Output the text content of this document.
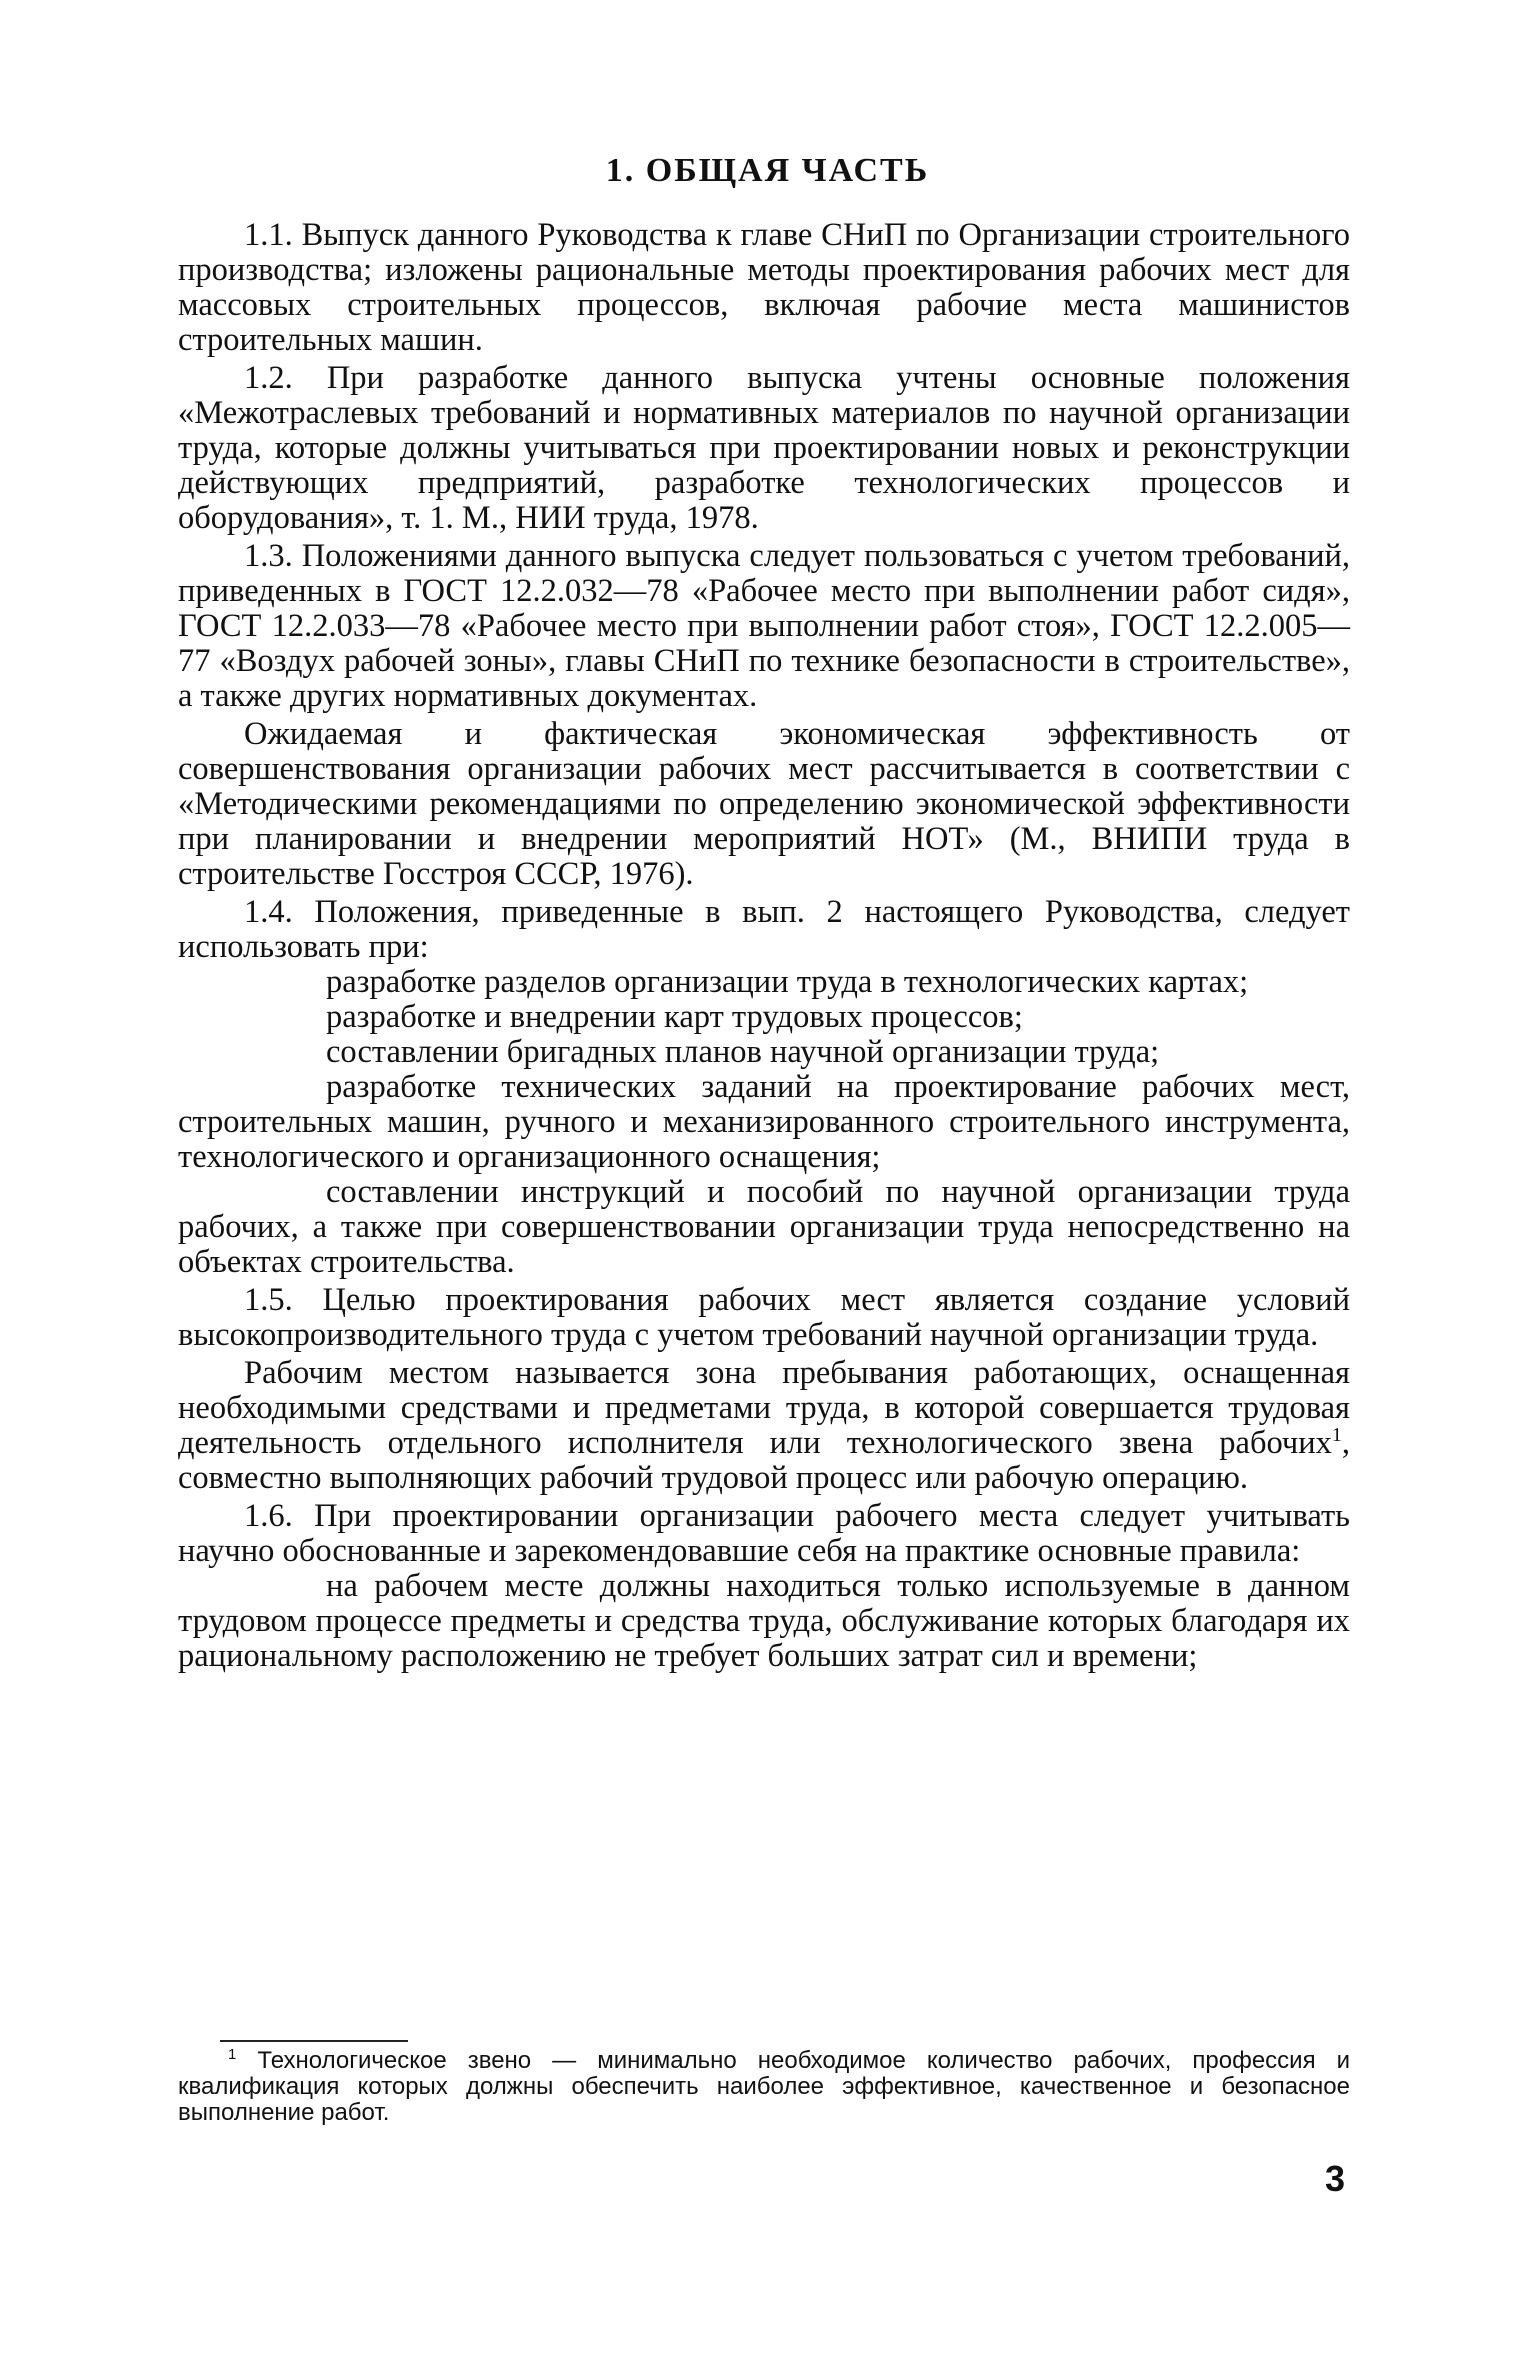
1. ОБЩАЯ ЧАСТЬ

1.1. Выпуск данного Руководства к главе СНиП по Организации строительного производства; изложены рациональные методы проектирования рабочих мест для массовых строительных процессов, включая рабочие места машинистов строительных машин.

1.2. При разработке данного выпуска учтены основные положения «Межотраслевых требований и нормативных материалов по научной организации труда, которые должны учитываться при проектировании новых и реконструкции действующих предприятий, разработке технологических процессов и оборудования», т. 1. М., НИИ труда, 1978.

1.3. Положениями данного выпуска следует пользоваться с учетом требований, приведенных в ГОСТ 12.2.032—78 «Рабочее место при выполнении работ сидя», ГОСТ 12.2.033—78 «Рабочее место при выполнении работ стоя», ГОСТ 12.2.005—77 «Воздух рабочей зоны», главы СНиП по технике безопасности в строительстве», а также других нормативных документах.

Ожидаемая и фактическая экономическая эффективность от совершенствования организации рабочих мест рассчитывается в соответствии с «Методическими рекомендациями по определению экономической эффективности при планировании и внедрении мероприятий НОТ» (М., ВНИПИ труда в строительстве Госстроя СССР, 1976).

1.4. Положения, приведенные в вып. 2 настоящего Руководства, следует использовать при:

разработке разделов организации труда в технологических картах;

разработке и внедрении карт трудовых процессов;

составлении бригадных планов научной организации труда;

разработке технических заданий на проектирование рабочих мест, строительных машин, ручного и механизированного строительного инструмента, технологического и организационного оснащения;

составлении инструкций и пособий по научной организации труда рабочих, а также при совершенствовании организации труда непосредственно на объектах строительства.

1.5. Целью проектирования рабочих мест является создание условий высокопроизводительного труда с учетом требований научной организации труда.

Рабочим местом называется зона пребывания работающих, оснащенная необходимыми средствами и предметами труда, в которой совершается трудовая деятельность отдельного исполнителя или технологического звена рабочих$^1$, совместно выполняющих рабочий трудовой процесс или рабочую операцию.

1.6. При проектировании организации рабочего места следует учитывать научно обоснованные и зарекомендовавшие себя на практике основные правила:

на рабочем месте должны находиться только используемые в данном трудовом процессе предметы и средства труда, обслуживание которых благодаря их рациональному расположению не требует больших затрат сил и времени;

$^1$ Технологическое звено — минимально необходимое количество рабочих, профессия и квалификация которых должны обеспечить наиболее эффективное, качественное и безопасное выполнение работ.

3
